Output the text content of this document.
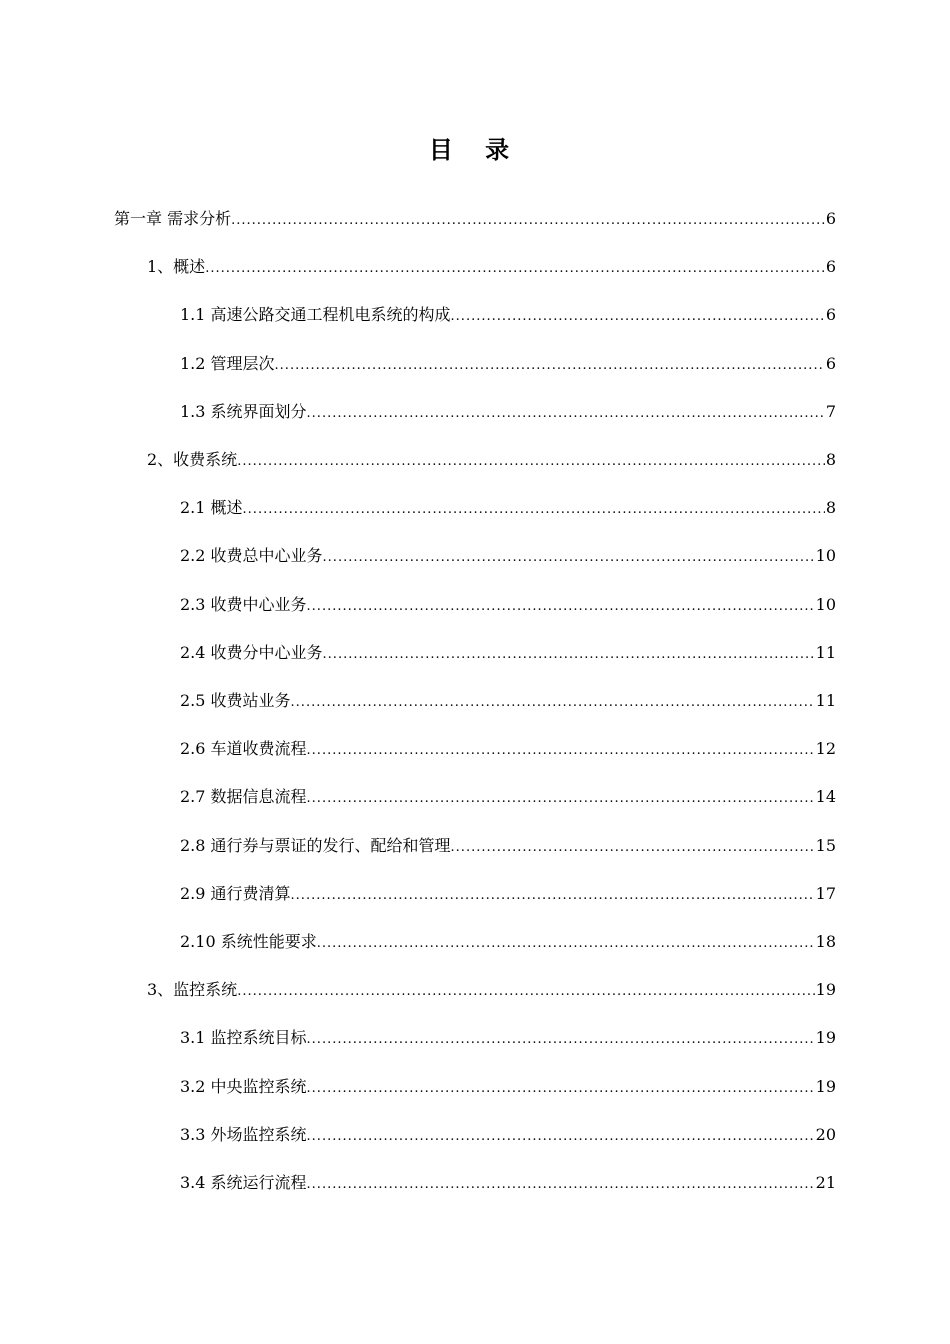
目 录
第一章 需求分析 .....	6
1、概述 .....	6
1.1 高速公路交通工程机电系统的构成 .....	6
1.2 管理层次 .....	6
1.3 系统界面划分 .....	7
2、收费系统 .....	8
2.1 概述 .....	8
2.2 收费总中心业务 .....	10
2.3 收费中心业务 .....	10
2.4 收费分中心业务 .....	11
2.5 收费站业务 .....	11
2.6 车道收费流程 .....	12
2.7 数据信息流程 .....	14
2.8 通行券与票证的发行、配给和管理 .....	15
2.9 通行费清算 .....	17
2.10 系统性能要求 .....	18
3、监控系统 .....	19
3.1 监控系统目标 .....	19
3.2 中央监控系统 .....	19
3.3 外场监控系统 .....	20
3.4 系统运行流程 .....	21
